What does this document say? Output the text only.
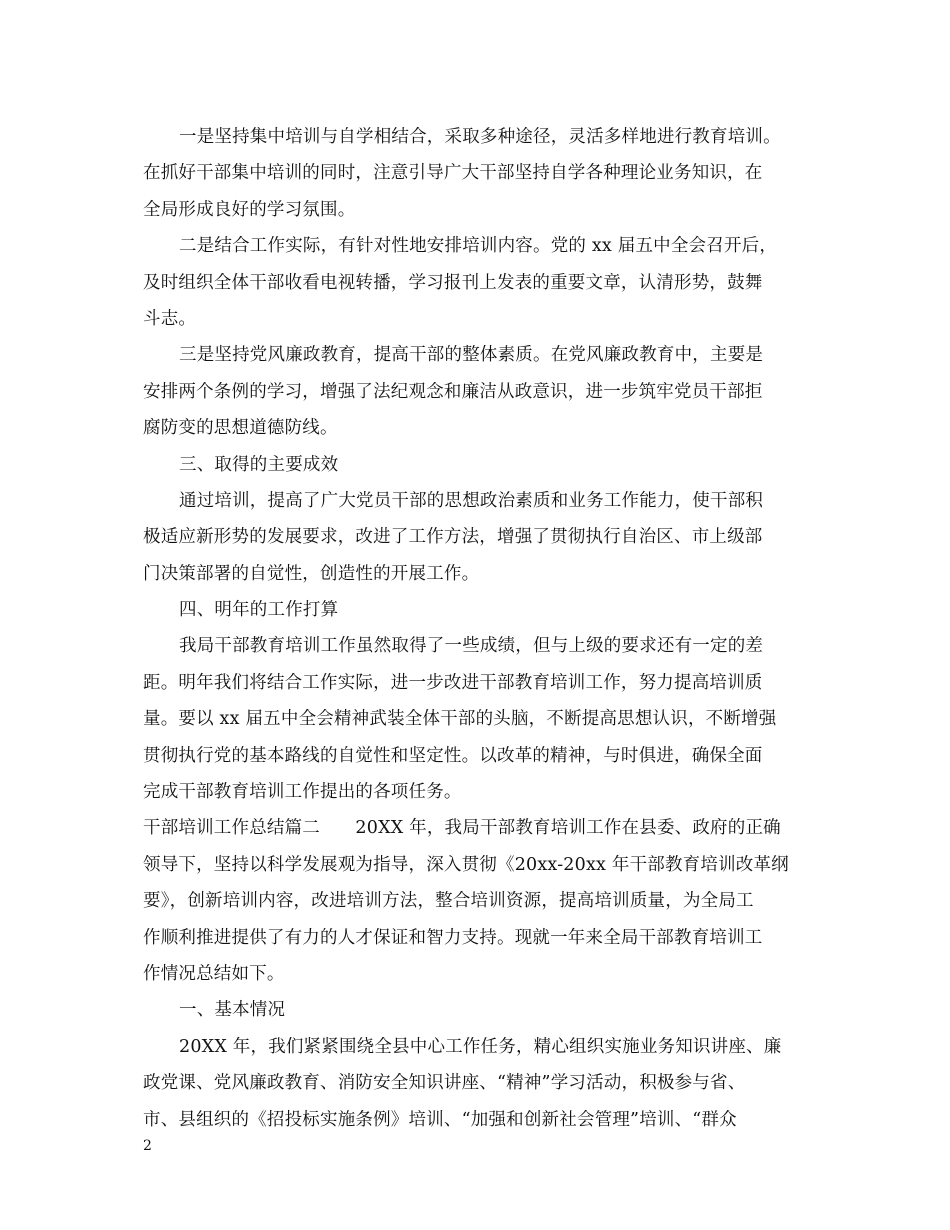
一是坚持集中培训与自学相结合，采取多种途径，灵活多样地进行教育培训。
在抓好干部集中培训的同时，注意引导广大干部坚持自学各种理论业务知识，在
全局形成良好的学习氛围。
二是结合工作实际，有针对性地安排培训内容。党的 xx 届五中全会召开后，
及时组织全体干部收看电视转播，学习报刊上发表的重要文章，认清形势，鼓舞
斗志。
三是坚持党风廉政教育，提高干部的整体素质。在党风廉政教育中，主要是
安排两个条例的学习，增强了法纪观念和廉洁从政意识，进一步筑牢党员干部拒
腐防变的思想道德防线。
三、取得的主要成效
通过培训，提高了广大党员干部的思想政治素质和业务工作能力，使干部积
极适应新形势的发展要求，改进了工作方法，增强了贯彻执行自治区、市上级部
门决策部署的自觉性，创造性的开展工作。
四、明年的工作打算
我局干部教育培训工作虽然取得了一些成绩，但与上级的要求还有一定的差
距。明年我们将结合工作实际，进一步改进干部教育培训工作，努力提高培训质
量。要以 xx 届五中全会精神武装全体干部的头脑，不断提高思想认识，不断增强
贯彻执行党的基本路线的自觉性和坚定性。以改革的精神，与时俱进，确保全面
完成干部教育培训工作提出的各项任务。
干部培训工作总结篇二　　20XX 年，我局干部教育培训工作在县委、政府的正确
领导下，坚持以科学发展观为指导，深入贯彻《20xx-20xx 年干部教育培训改革纲
要》，创新培训内容，改进培训方法，整合培训资源，提高培训质量，为全局工
作顺利推进提供了有力的人才保证和智力支持。现就一年来全局干部教育培训工
作情况总结如下。
一、基本情况
20XX 年，我们紧紧围绕全县中心工作任务，精心组织实施业务知识讲座、廉
政党课、党风廉政教育、消防安全知识讲座、“精神”学习活动，积极参与省、
市、县组织的《招投标实施条例》培训、“加强和创新社会管理”培训、“群众
2
